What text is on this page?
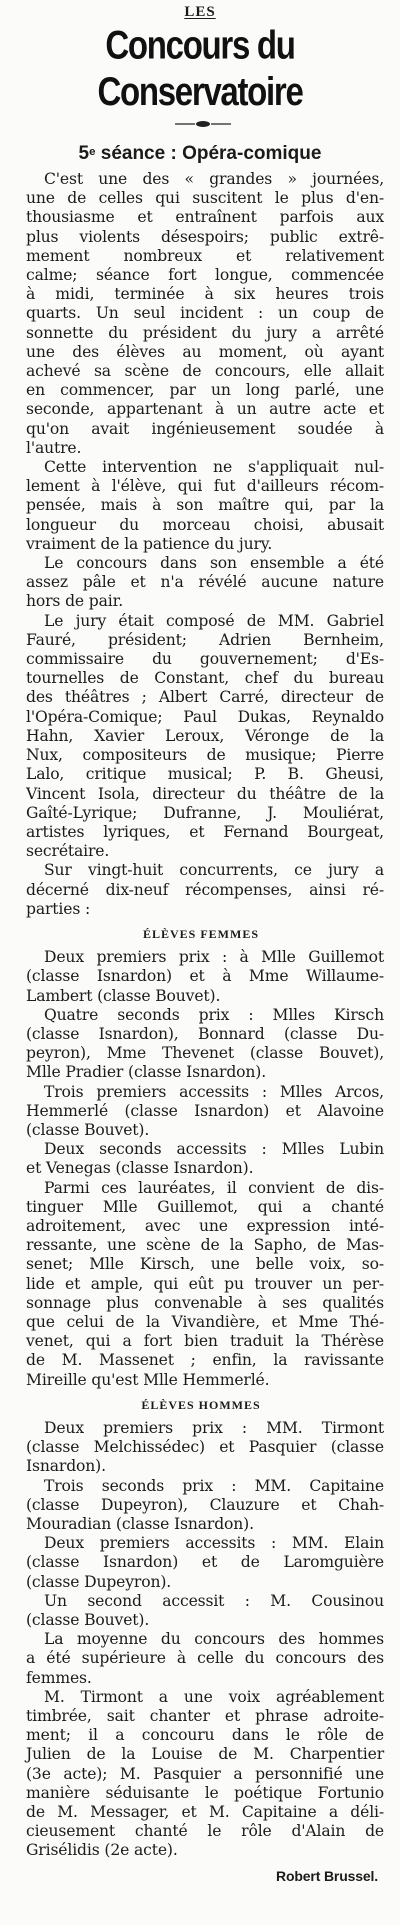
LES
Concours du Conservatoire
5e séance : Opéra-comique
C'est une des « grandes » journées,
une de celles qui suscitent le plus d'en-
thousiasme et entraînent parfois aux
plus violents désespoirs; public extrê-
mement nombreux et relativement
calme; séance fort longue, commencée
à midi, terminée à six heures trois
quarts. Un seul incident : un coup de
sonnette du président du jury a arrêté
une des élèves au moment, où ayant
achevé sa scène de concours, elle allait
en commencer, par un long parlé, une
seconde, appartenant à un autre acte et
qu'on avait ingénieusement soudée à
l'autre.
Cette intervention ne s'appliquait nul-
lement à l'élève, qui fut d'ailleurs récom-
pensée, mais à son maître qui, par la
longueur du morceau choisi, abusait
vraiment de la patience du jury.
Le concours dans son ensemble a été
assez pâle et n'a révélé aucune nature
hors de pair.
Le jury était composé de MM. Gabriel
Fauré, président; Adrien Bernheim,
commissaire du gouvernement; d'Es-
tournelles de Constant, chef du bureau
des théâtres ; Albert Carré, directeur de
l'Opéra-Comique; Paul Dukas, Reynaldo
Hahn, Xavier Leroux, Véronge de la
Nux, compositeurs de musique; Pierre
Lalo, critique musical; P. B. Gheusi,
Vincent Isola, directeur du théâtre de la
Gaîté-Lyrique; Dufranne, J. Mouliérat,
artistes lyriques, et Fernand Bourgeat,
secrétaire.
Sur vingt-huit concurrents, ce jury a
décerné dix-neuf récompenses, ainsi ré-
parties :
ÉLÈVES FEMMES
Deux premiers prix : à Mlle Guillemot
(classe Isnardon) et à Mme Willaume-
Lambert (classe Bouvet).
Quatre seconds prix : Mlles Kirsch
(classe Isnardon), Bonnard (classe Du-
peyron), Mme Thevenet (classe Bouvet),
Mlle Pradier (classe Isnardon).
Trois premiers accessits : Mlles Arcos,
Hemmerlé (classe Isnardon) et Alavoine
(classe Bouvet).
Deux seconds accessits : Mlles Lubin
et Venegas (classe Isnardon).
Parmi ces lauréates, il convient de dis-
tinguer Mlle Guillemot, qui a chanté
adroitement, avec une expression inté-
ressante, une scène de la Sapho, de Mas-
senet; Mlle Kirsch, une belle voix, so-
lide et ample, qui eût pu trouver un per-
sonnage plus convenable à ses qualités
que celui de la Vivandière, et Mme Thé-
venet, qui a fort bien traduit la Thérèse
de M. Massenet ; enfin, la ravissante
Mireille qu'est Mlle Hemmerlé.
ÉLÈVES HOMMES
Deux premiers prix : MM. Tirmont
(classe Melchissédec) et Pasquier (classe
Isnardon).
Trois seconds prix : MM. Capitaine
(classe Dupeyron), Clauzure et Chah-
Mouradian (classe Isnardon).
Deux premiers accessits : MM. Elain
(classe Isnardon) et de Laromguière
(classe Dupeyron).
Un second accessit : M. Cousinou
(classe Bouvet).
La moyenne du concours des hommes
a été supérieure à celle du concours des
femmes.
M. Tirmont a une voix agréablement
timbrée, sait chanter et phrase adroite-
ment; il a concouru dans le rôle de
Julien de la Louise de M. Charpentier
(3e acte); M. Pasquier a personnifié une
manière séduisante le poétique Fortunio
de M. Messager, et M. Capitaine a déli-
cieusement chanté le rôle d'Alain de
Grisélidis (2e acte).
Robert Brussel.
